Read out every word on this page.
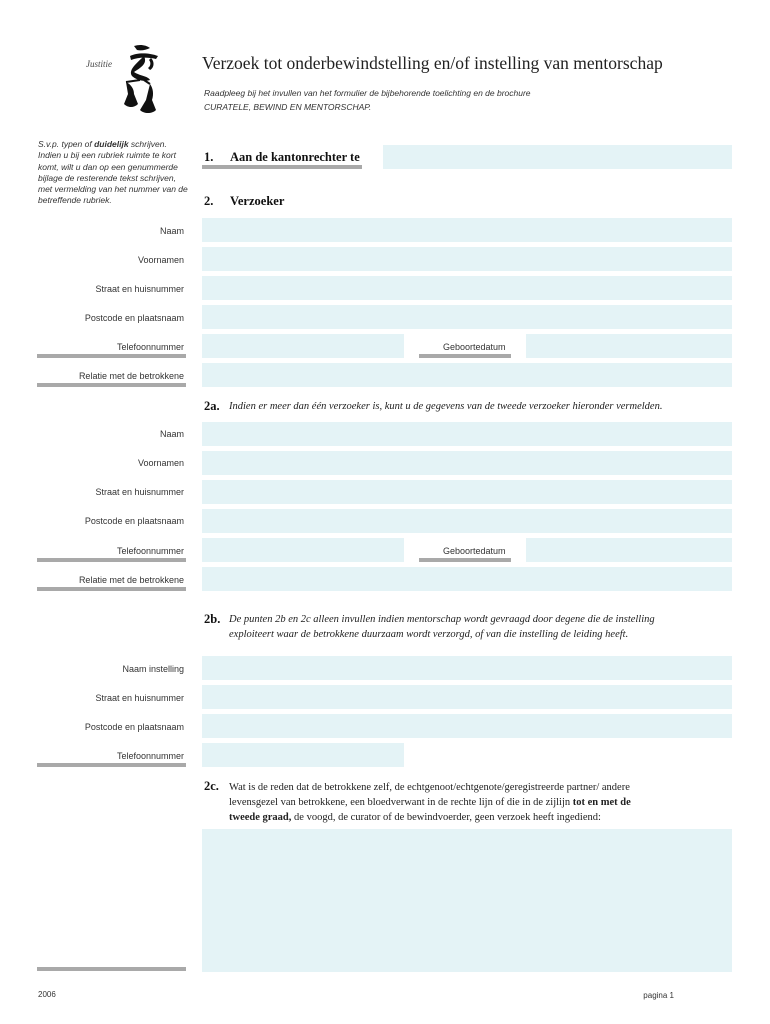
Justitie	Verzoek tot onderbewindstelling en/of instelling van mentorschap
Raadpleeg bij het invullen van het formulier de bijbehorende toelichting en de brochure
CURATELE, BEWIND EN MENTORSCHAP.
S.v.p. typen of duidelijk schrijven. Indien u bij een rubriek ruimte te kort komt, wilt u dan op een genummerde bijlage de resterende tekst schrijven, met vermelding van het nummer van de betreffende rubriek.
1. Aan de kantonrechter te
2. Verzoeker
Naam
Voornamen
Straat en huisnummer
Postcode en plaatsnaam
Telefoonnummer	Geboortedatum
Relatie met de betrokkene
2a. Indien er meer dan één verzoeker is, kunt u de gegevens van de tweede verzoeker hieronder vermelden.
Naam
Voornamen
Straat en huisnummer
Postcode en plaatsnaam
Telefoonnummer	Geboortedatum
Relatie met de betrokkene
2b. De punten 2b en 2c alleen invullen indien mentorschap wordt gevraagd door degene die de instelling
exploiteert waar de betrokkene duurzaam wordt verzorgd, of van die instelling de leiding heeft.
Naam instelling
Straat en huisnummer
Postcode en plaatsnaam
Telefoonnummer
2c. Wat is de reden dat de betrokkene zelf, de echtgenoot/echtgenote/geregistreerde partner/ andere
levensgezel van betrokkene, een bloedverwant in de rechte lijn of die in de zijlijn tot en met de
tweede graad, de voogd, de curator of de bewindvoerder, geen verzoek heeft ingediend:
2006	pagina 1
